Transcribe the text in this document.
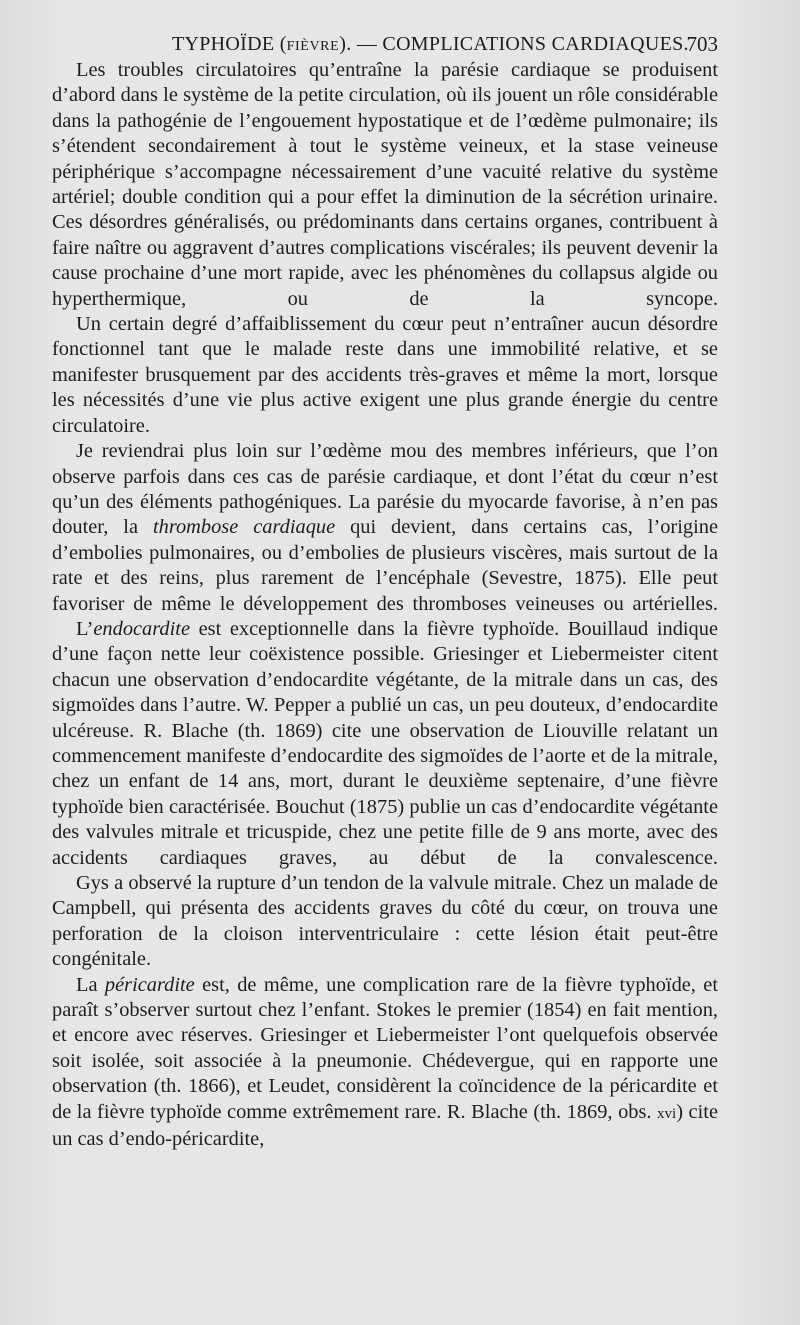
TYPHOÏDE (FIÈVRE). — COMPLICATIONS CARDIAQUES.
703

Les troubles circulatoires qu’entraîne la parésie cardiaque se produisent d’abord dans le système de la petite circulation, où ils jouent un rôle considérable dans la pathogénie de l’engouement hypostatique et de l’œdème pulmonaire; ils s’étendent secondairement à tout le système veineux, et la stase veineuse périphérique s’accompagne nécessairement d’une vacuité relative du système artériel; double condition qui a pour effet la diminution de la sécrétion urinaire. Ces désordres généralisés, ou prédominants dans certains organes, contribuent à faire naître ou aggravent d’autres complications viscérales; ils peuvent devenir la cause prochaine d’une mort rapide, avec les phénomènes du collapsus algide ou hyperthermique, ou de la syncope.

Un certain degré d’affaiblissement du cœur peut n’entraîner aucun désordre fonctionnel tant que le malade reste dans une immobilité relative, et se manifester brusquement par des accidents très-graves et même la mort, lorsque les nécessités d’une vie plus active exigent une plus grande énergie du centre circulatoire.

Je reviendrai plus loin sur l’œdème mou des membres inférieurs, que l’on observe parfois dans ces cas de parésie cardiaque, et dont l’état du cœur n’est qu’un des éléments pathogéniques. La parésie du myocarde favorise, à n’en pas douter, la thrombose cardiaque qui devient, dans certains cas, l’origine d’embolies pulmonaires, ou d’embolies de plusieurs viscères, mais surtout de la rate et des reins, plus rarement de l’encéphale (Sevestre, 1875). Elle peut favoriser de même le développement des thromboses veineuses ou artérielles.

L’endocardite est exceptionnelle dans la fièvre typhoïde. Bouillaud indique d’une façon nette leur coëxistence possible. Griesinger et Liebermeister citent chacun une observation d’endocardite végétante, de la mitrale dans un cas, des sigmoïdes dans l’autre. W. Pepper a publié un cas, un peu douteux, d’endocardite ulcéreuse. R. Blache (th. 1869) cite une observation de Liouville relatant un commencement manifeste d’endocardite des sigmoïdes de l’aorte et de la mitrale, chez un enfant de 14 ans, mort, durant le deuxième septenaire, d’une fièvre typhoïde bien caractérisée. Bouchut (1875) publie un cas d’endocardite végétante des valvules mitrale et tricuspide, chez une petite fille de 9 ans morte, avec des accidents cardiaques graves, au début de la convalescence.

Gys a observé la rupture d’un tendon de la valvule mitrale. Chez un malade de Campbell, qui présenta des accidents graves du côté du cœur, on trouva une perforation de la cloison interventriculaire : cette lésion était peut-être congénitale.

La péricardite est, de même, une complication rare de la fièvre typhoïde, et paraît s’observer surtout chez l’enfant. Stokes le premier (1854) en fait mention, et encore avec réserves. Griesinger et Liebermeister l’ont quelquefois observée soit isolée, soit associée à la pneumonie. Chédevergue, qui en rapporte une observation (th. 1866), et Leudet, considèrent la coïncidence de la péricardite et de la fièvre typhoïde comme extrêmement rare. R. Blache (th. 1869, obs. xvi) cite un cas d’endo-péricardite,
